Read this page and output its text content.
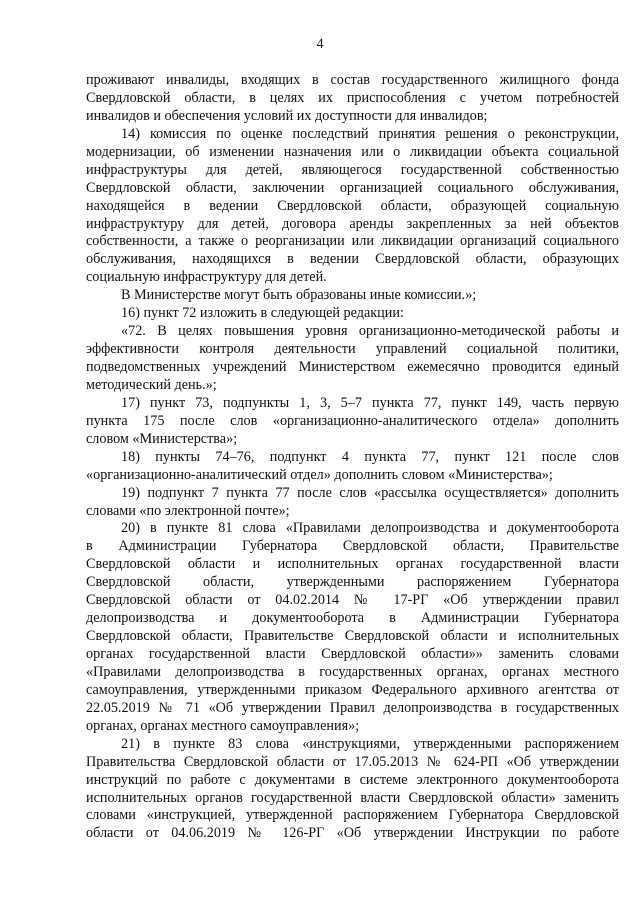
4
проживают инвалиды, входящих в состав государственного жилищного фонда
Свердловской области, в целях их приспособления с учетом потребностей
инвалидов и обеспечения условий их доступности для инвалидов;
14) комиссия по оценке последствий принятия решения о реконструкции,
модернизации, об изменении назначения или о ликвидации объекта социальной
инфраструктуры для детей, являющегося государственной собственностью
Свердловской области, заключении организацией социального обслуживания,
находящейся в ведении Свердловской области, образующей социальную
инфраструктуру для детей, договора аренды закрепленных за ней объектов
собственности, а также о реорганизации или ликвидации организаций социального
обслуживания, находящихся в ведении Свердловской области, образующих
социальную инфраструктуру для детей.
В Министерстве могут быть образованы иные комиссии.»;
16) пункт 72 изложить в следующей редакции:
«72. В целях повышения уровня организационно-методической работы и
эффективности контроля деятельности управлений социальной политики,
подведомственных учреждений Министерством ежемесячно проводится единый
методический день.»;
17) пункт 73, подпункты 1, 3, 5–7 пункта 77, пункт 149, часть первую
пункта 175 после слов «организационно-аналитического отдела» дополнить
словом «Министерства»;
18) пункты 74–76, подпункт 4 пункта 77, пункт 121 после слов
«организационно-аналитический отдел» дополнить словом «Министерства»;
19) подпункт 7 пункта 77 после слов «рассылка осуществляется» дополнить
словами «по электронной почте»;
20) в пункте 81 слова «Правилами делопроизводства и документооборота
в Администрации Губернатора Свердловской области, Правительстве
Свердловской области и исполнительных органах государственной власти
Свердловской области, утвержденными распоряжением Губернатора
Свердловской области от 04.02.2014 № 17-РГ «Об утверждении правил
делопроизводства и документооборота в Администрации Губернатора
Свердловской области, Правительстве Свердловской области и исполнительных
органах государственной власти Свердловской области»» заменить словами
«Правилами делопроизводства в государственных органах, органах местного
самоуправления, утвержденными приказом Федерального архивного агентства от
22.05.2019 № 71 «Об утверждении Правил делопроизводства в государственных
органах, органах местного самоуправления»;
21) в пункте 83 слова «инструкциями, утвержденными распоряжением
Правительства Свердловской области от 17.05.2013 № 624-РП «Об утверждении
инструкций по работе с документами в системе электронного документооборота
исполнительных органов государственной власти Свердловской области» заменить
словами «инструкцией, утвержденной распоряжением Губернатора Свердловской
области от 04.06.2019 № 126-РГ «Об утверждении Инструкции по работе
